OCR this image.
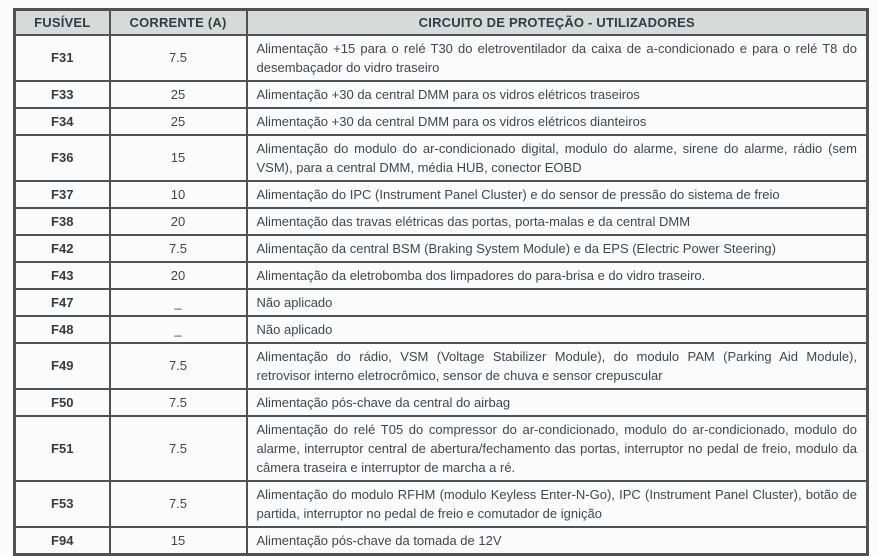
FUSÍVEL	CORRENTE (A)	CIRCUITO DE PROTEÇÃO - UTILIZADORES
F31	7.5	Alimentação +15 para o relé T30 do eletroventilador da caixa de a-condicionado e para o relé T8 do desembaçador do vidro traseiro
F33	25	Alimentação +30 da central DMM para os vidros elétricos traseiros
F34	25	Alimentação +30 da central DMM para os vidros elétricos dianteiros
F36	15	Alimentação do modulo do ar-condicionado digital, modulo do alarme, sirene do alarme, rádio (sem VSM), para a central DMM, média HUB, conector EOBD
F37	10	Alimentação do IPC (Instrument Panel Cluster) e do sensor de pressão do sistema de freio
F38	20	Alimentação das travas elétricas das portas, porta-malas e da central DMM
F42	7.5	Alimentação da central BSM (Braking System Module) e da EPS (Electric Power Steering)
F43	20	Alimentação da eletrobomba dos limpadores do para-brisa e do vidro traseiro.
F47	_	Não aplicado
F48	_	Não aplicado
F49	7.5	Alimentação do rádio, VSM (Voltage Stabilizer Module), do modulo PAM (Parking Aid Module), retrovisor interno eletrocrômico, sensor de chuva e sensor crepuscular
F50	7.5	Alimentação pós-chave da central do airbag
F51	7.5	Alimentação do relé T05 do compressor do ar-condicionado, modulo do ar-condicionado, modulo do alarme, interruptor central de abertura/fechamento das portas, interruptor no pedal de freio, modulo da câmera traseira e interruptor de marcha a ré.
F53	7.5	Alimentação do modulo RFHM (modulo Keyless Enter-N-Go), IPC (Instrument Panel Cluster), botão de partida, interruptor no pedal de freio e comutador de ignição
F94	15	Alimentação pós-chave da tomada de 12V
